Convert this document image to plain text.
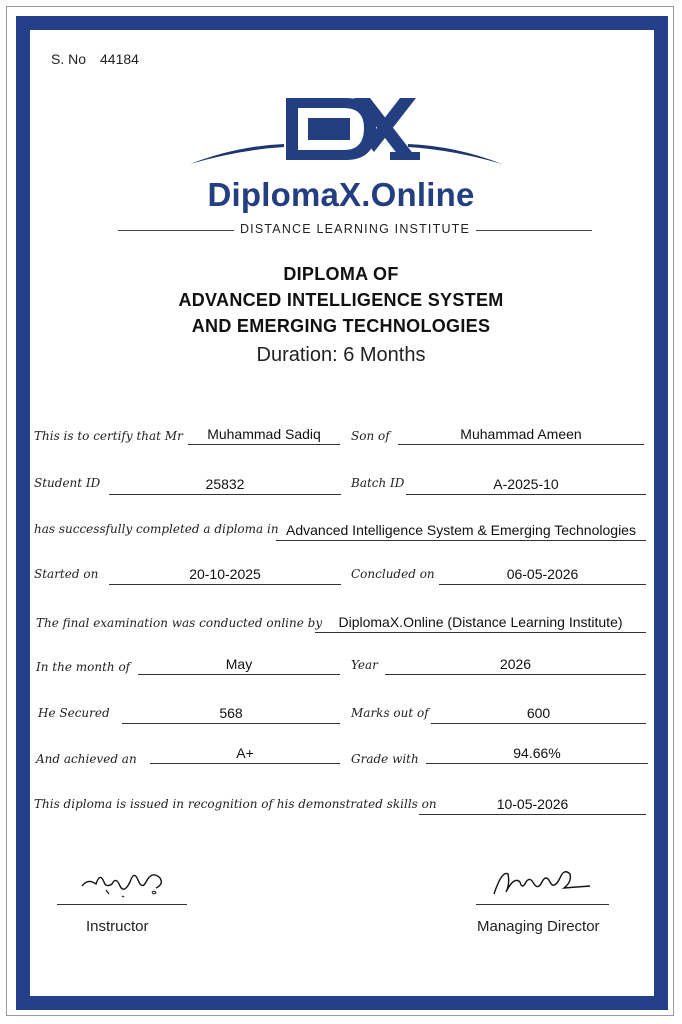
S. No 44184
DiplomaX.Online
DISTANCE LEARNING INSTITUTE
DIPLOMA OF
ADVANCED INTELLIGENCE SYSTEM
AND EMERGING TECHNOLOGIES
Duration: 6 Months
This is to certify that Mr	Muhammad Sadiq	Son of	Muhammad Ameen
Student ID	25832	Batch ID	A-2025-10
has successfully completed a diploma in Advanced Intelligence System & Emerging Technologies
Started on	20-10-2025	Concluded on	06-05-2026
The final examination was conducted online by	DiplomaX.Online (Distance Learning Institute)
In the month of	May	Year	2026
He Secured	568	Marks out of	600
And achieved an	A+	Grade with	94.66%
This diploma is issued in recognition of his demonstrated skills on	10-05-2026
Instructor	Managing Director
